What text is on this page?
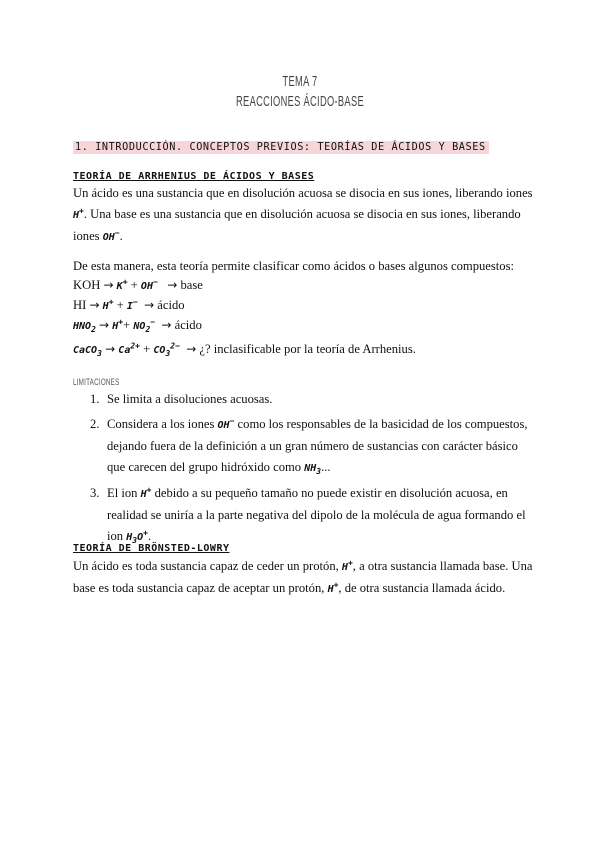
TEMA 7
REACCIONES ÁCIDO-BASE
1. INTRODUCCIÓN. CONCEPTOS PREVIOS: TEORÍAS DE ÁCIDOS Y BASES
TEORÍA DE ARRHENIUS DE ÁCIDOS Y BASES
Un ácido es una sustancia que en disolución acuosa se disocia en sus iones, liberando iones H+. Una base es una sustancia que en disolución acuosa se disocia en sus iones, liberando iones OH−.
De esta manera, esta teoría permite clasificar como ácidos o bases algunos compuestos:
KOH → K+ + OH− → base
HI → H+ + I− → ácido
$HNO_2 \to H^++ NO_2^-$ → ácido
CaCO$_3$ → $Ca^{2+} + CO_3^{2-}$ → ¿? inclasificable por la teoría de Arrhenius.
LIMITACIONES
1. Se limita a disoluciones acuosas.
2. Considera a los iones OH− como los responsables de la basicidad de los compuestos, dejando fuera de la definición a un gran número de sustancias con carácter básico que carecen del grupo hidróxido como $NH_3$...
3. El ion H+ debido a su pequeño tamaño no puede existir en disolución acuosa, en realidad se uniría a la parte negativa del dipolo de la molécula de agua formando el ion $H_3O^+$.
TEORÍA DE BRÖNSTED-LOWRY
Un ácido es toda sustancia capaz de ceder un protón, H+, a otra sustancia llamada base. Una base es toda sustancia capaz de aceptar un protón, H+, de otra sustancia llamada ácido.
